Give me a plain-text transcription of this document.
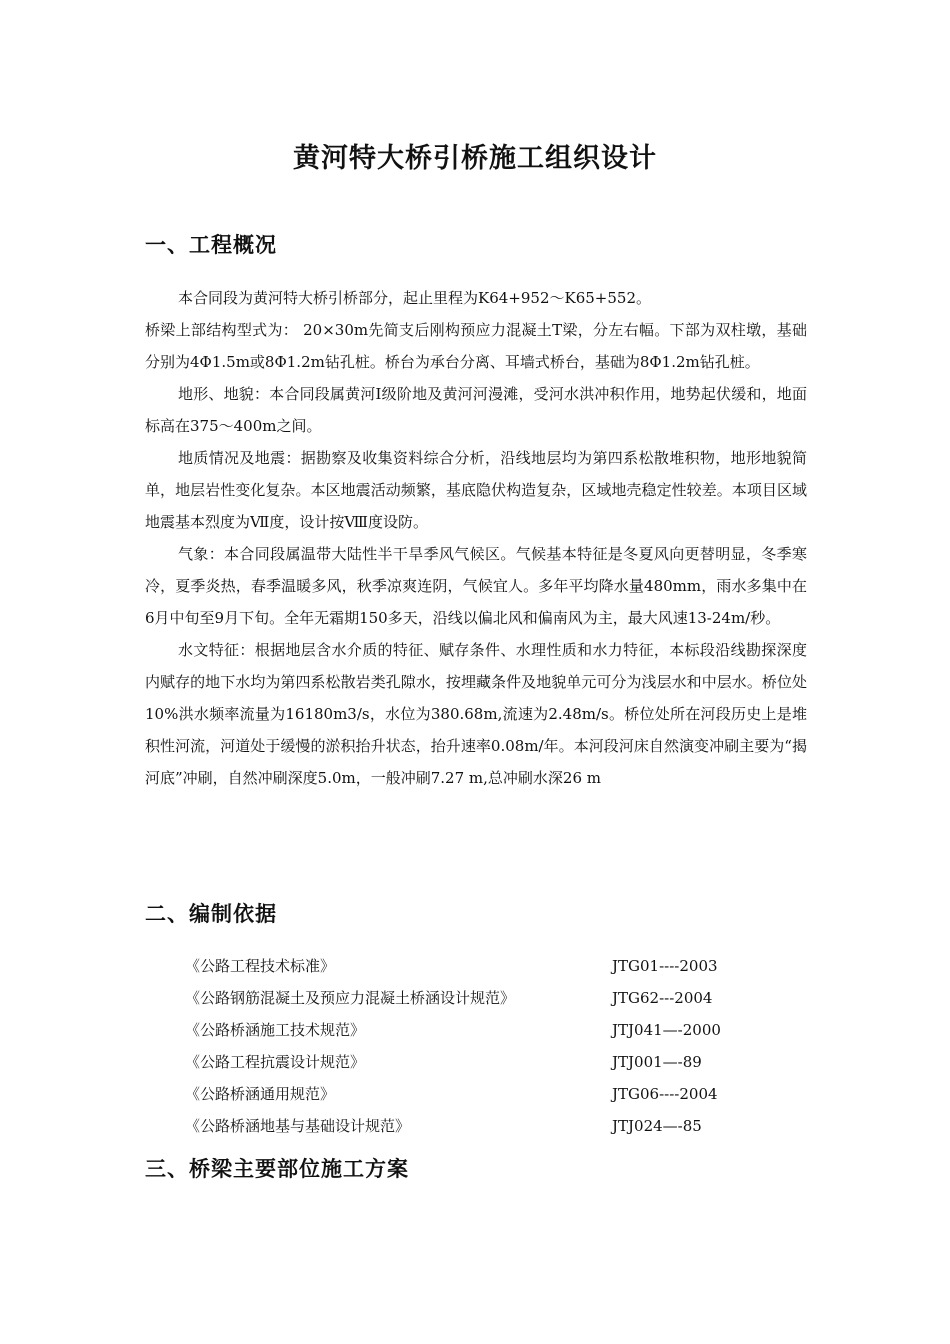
黄河特大桥引桥施工组织设计
一、工程概况

本合同段为黄河特大桥引桥部分，起止里程为K64+952～K65+552。

桥梁上部结构型式为： 20×30m先简支后刚构预应力混凝土T梁，分左右幅。下部为双柱墩，基础分别为4Φ1.5m或8Φ1.2m钻孔桩。桥台为承台分离、耳墙式桥台，基础为8Φ1.2m钻孔桩。

地形、地貌：本合同段属黄河Ⅰ级阶地及黄河河漫滩，受河水洪冲积作用，地势起伏缓和，地面标高在375～400m之间。

地质情况及地震：据勘察及收集资料综合分析，沿线地层均为第四系松散堆积物，地形地貌简单，地层岩性变化复杂。本区地震活动频繁，基底隐伏构造复杂，区域地壳稳定性较差。本项目区域地震基本烈度为Ⅶ度，设计按Ⅷ度设防。

气象：本合同段属温带大陆性半干旱季风气候区。气候基本特征是冬夏风向更替明显，冬季寒冷，夏季炎热，春季温暖多风，秋季凉爽连阴，气候宜人。多年平均降水量480mm，雨水多集中在6月中旬至9月下旬。全年无霜期150多天，沿线以偏北风和偏南风为主，最大风速13-24m/秒。

水文特征：根据地层含水介质的特征、赋存条件、水理性质和水力特征，本标段沿线勘探深度内赋存的地下水均为第四系松散岩类孔隙水，按埋藏条件及地貌单元可分为浅层水和中层水。桥位处10%洪水频率流量为16180m3/s，水位为380.68m,流速为2.48m/s。桥位处所在河段历史上是堆积性河流，河道处于缓慢的淤积抬升状态，抬升速率0.08m/年。本河段河床自然演变冲刷主要为“揭河底”冲刷，自然冲刷深度5.0m，一般冲刷7.27 m,总冲刷水深26 m

二、编制依据
《公路工程技术标准》	JTG01----2003
《公路钢筋混凝土及预应力混凝土桥涵设计规范》	JTG62---2004
《公路桥涵施工技术规范》	JTJ041—-2000
《公路工程抗震设计规范》	JTJ001—-89
《公路桥涵通用规范》	JTG06----2004
《公路桥涵地基与基础设计规范》	JTJ024—-85
三、桥梁主要部位施工方案
